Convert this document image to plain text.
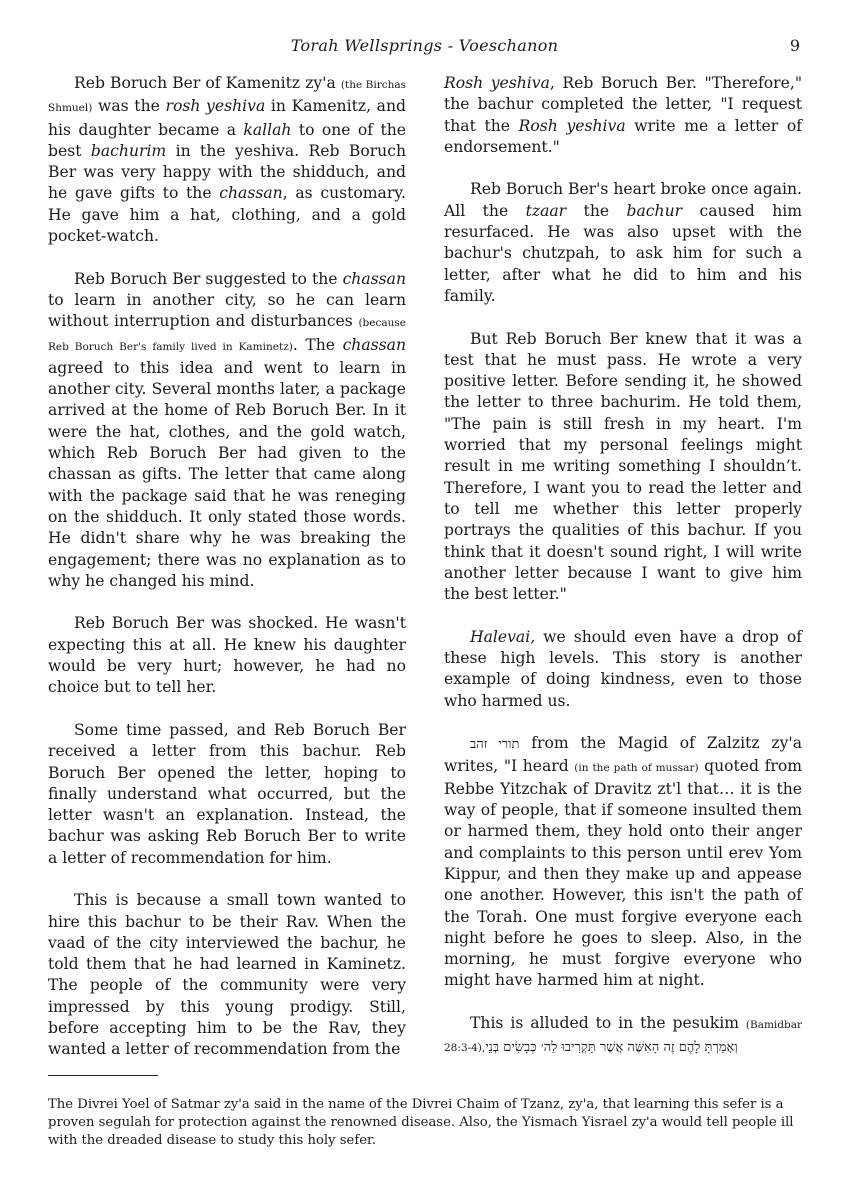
Torah Wellsprings - Voeschanon	9

Reb Boruch Ber of Kamenitz zy'a (the Birchas Shmuel) was the rosh yeshiva in Kamenitz, and his daughter became a kallah to one of the best bachurim in the yeshiva. Reb Boruch Ber was very happy with the shidduch, and he gave gifts to the chassan, as customary. He gave him a hat, clothing, and a gold pocket-watch.

Reb Boruch Ber suggested to the chassan to learn in another city, so he can learn without interruption and disturbances (because Reb Boruch Ber's family lived in Kaminetz). The chassan agreed to this idea and went to learn in another city. Several months later, a package arrived at the home of Reb Boruch Ber. In it were the hat, clothes, and the gold watch, which Reb Boruch Ber had given to the chassan as gifts. The letter that came along with the package said that he was reneging on the shidduch. It only stated those words. He didn't share why he was breaking the engagement; there was no explanation as to why he changed his mind.

Reb Boruch Ber was shocked. He wasn't expecting this at all. He knew his daughter would be very hurt; however, he had no choice but to tell her.

Some time passed, and Reb Boruch Ber received a letter from this bachur. Reb Boruch Ber opened the letter, hoping to finally understand what occurred, but the letter wasn't an explanation. Instead, the bachur was asking Reb Boruch Ber to write a letter of recommendation for him.

This is because a small town wanted to hire this bachur to be their Rav. When the vaad of the city interviewed the bachur, he told them that he had learned in Kaminetz. The people of the community were very impressed by this young prodigy. Still, before accepting him to be the Rav, they wanted a letter of recommendation from the

Rosh yeshiva, Reb Boruch Ber. "Therefore," the bachur completed the letter, "I request that the Rosh yeshiva write me a letter of endorsement."

Reb Boruch Ber's heart broke once again. All the tzaar the bachur caused him resurfaced. He was also upset with the bachur's chutzpah, to ask him for such a letter, after what he did to him and his family.

But Reb Boruch Ber knew that it was a test that he must pass. He wrote a very positive letter. Before sending it, he showed the letter to three bachurim. He told them, "The pain is still fresh in my heart. I'm worried that my personal feelings might result in me writing something I shouldn’t. Therefore, I want you to read the letter and to tell me whether this letter properly portrays the qualities of this bachur. If you think that it doesn't sound right, I will write another letter because I want to give him the best letter."

Halevai, we should even have a drop of these high levels. This story is another example of doing kindness, even to those who harmed us.

תורי זהב from the Magid of Zalzitz zy'a writes, "I heard (in the path of mussar) quoted from Rebbe Yitzchak of Dravitz zt'l that… it is the way of people, that if someone insulted them or harmed them, they hold onto their anger and complaints to this person until erev Yom Kippur, and then they make up and appease one another. However, this isn't the path of the Torah. One must forgive everyone each night before he goes to sleep. Also, in the morning, he must forgive everyone who might have harmed him at night.

This is alluded to in the pesukim (Bamidbar 28:3-4), וְאָמַרְתָּ לָהֶם זֶה הָאִשֶּׁה אֲשֶׁר תַּקְרִיבוּ לַה׳ כְּבָשִׂים בְּנֵי

The Divrei Yoel of Satmar zy'a said in the name of the Divrei Chaim of Tzanz, zy'a, that learning this sefer is a proven segulah for protection against the renowned disease. Also, the Yismach Yisrael zy'a would tell people ill with the dreaded disease to study this holy sefer.
